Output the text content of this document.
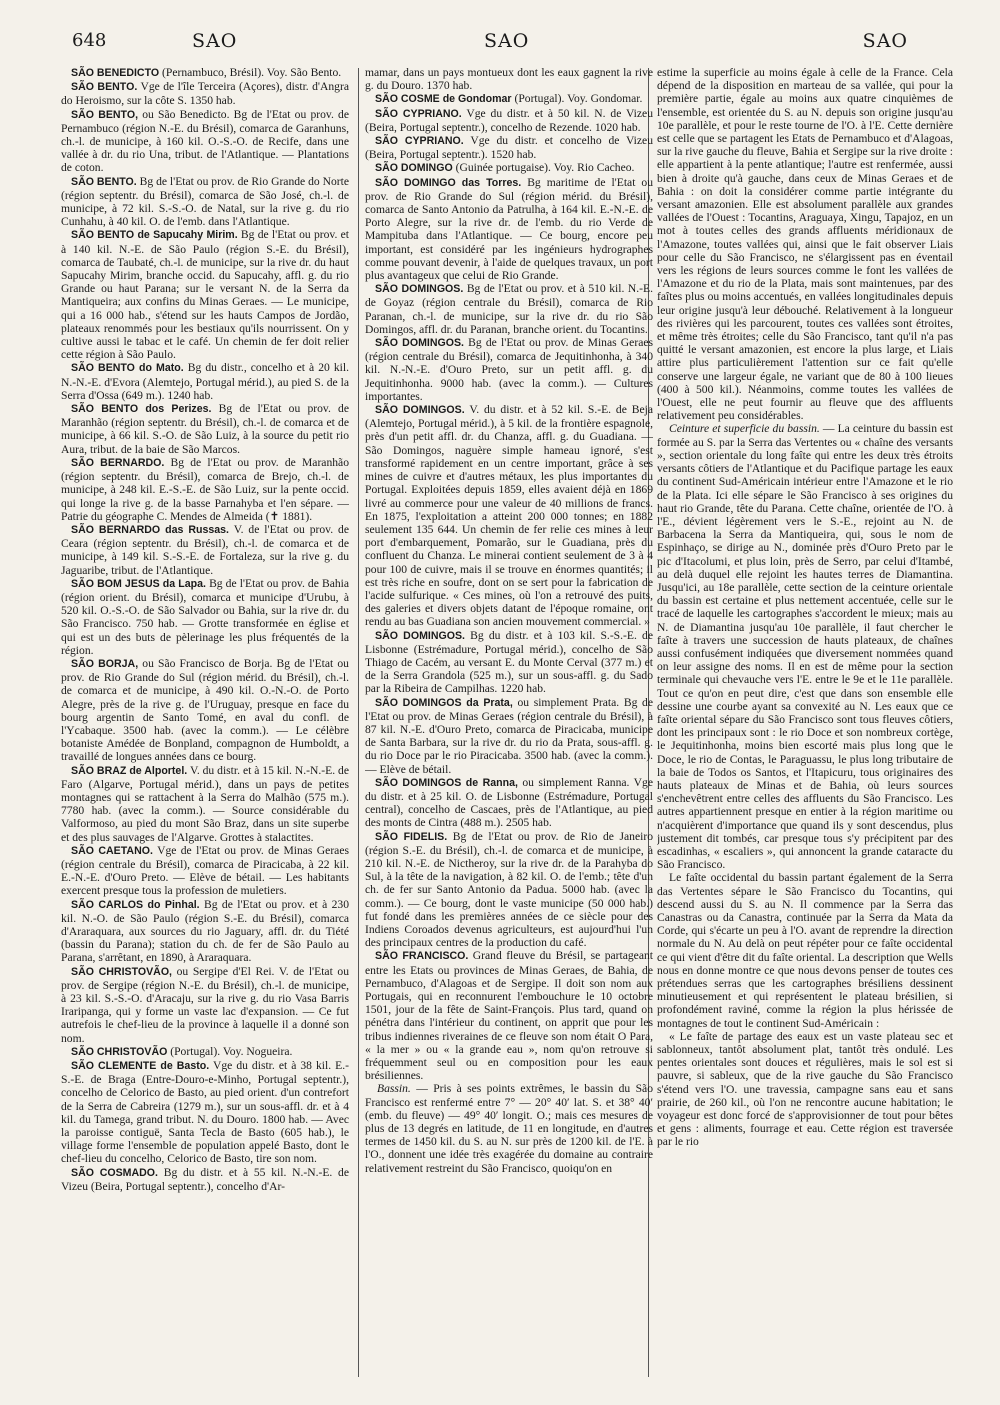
648	SAO	SAO	SAO

SÃO BENEDICTO (Pernambuco, Brésil). Voy. São Bento.

SÃO BENTO. Vge de l'île Terceira (Açores), distr. d'Angra do Heroismo, sur la côte S. 1350 hab.

SÃO BENTO, ou São Benedicto. Bg de l'Etat ou prov. de Pernambuco (région N.-E. du Brésil), comarca de Garanhuns, ch.-l. de municipe, à 160 kil. O.-S.-O. de Recife, dans une vallée à dr. du rio Una, tribut. de l'Atlantique. — Plantations de coton.

SÃO BENTO. Bg de l'Etat ou prov. de Rio Grande do Norte (région septentr. du Brésil), comarca de São José, ch.-l. de municipe, à 72 kil. S.-S.-O. de Natal, sur la rive g. du rio Cunhahu, à 40 kil. O. de l'emb. dans l'Atlantique.

SÃO BENTO de Sapucahy Mirim. Bg de l'Etat ou prov. et à 140 kil. N.-E. de São Paulo (région S.-E. du Brésil), comarca de Taubaté, ch.-l. de municipe, sur la rive dr. du haut Sapucahy Mirim, branche occid. du Sapucahy, affl. g. du rio Grande ou haut Parana; sur le versant N. de la Serra da Mantiqueira; aux confins du Minas Geraes. — Le municipe, qui a 16 000 hab., s'étend sur les hauts Campos de Jordão, plateaux renommés pour les bestiaux qu'ils nourrissent. On y cultive aussi le tabac et le café. Un chemin de fer doit relier cette région à São Paulo.

SÃO BENTO do Mato. Bg du distr., concelho et à 20 kil. N.-N.-E. d'Evora (Alemtejo, Portugal mérid.), au pied S. de la Serra d'Ossa (649 m.). 1240 hab.

SÃO BENTO dos Perizes. Bg de l'Etat ou prov. de Maranhão (région septentr. du Brésil), ch.-l. de comarca et de municipe, à 66 kil. S.-O. de São Luiz, à la source du petit rio Aura, tribut. de la baie de São Marcos.

SÃO BERNARDO. Bg de l'Etat ou prov. de Maranhão (région septentr. du Brésil), comarca de Brejo, ch.-l. de municipe, à 248 kil. E.-S.-E. de São Luiz, sur la pente occid. qui longe la rive g. de la basse Parnahyba et l'en sépare. — Patrie du géographe C. Mendes de Almeida (✝ 1881).

SÃO BERNARDO das Russas. V. de l'Etat ou prov. de Ceara (région septentr. du Brésil), ch.-l. de comarca et de municipe, à 149 kil. S.-S.-E. de Fortaleza, sur la rive g. du Jaguaribe, tribut. de l'Atlantique.

SÃO BOM JESUS da Lapa. Bg de l'Etat ou prov. de Bahia (région orient. du Brésil), comarca et municipe d'Urubu, à 520 kil. O.-S.-O. de São Salvador ou Bahia, sur la rive dr. du São Francisco. 750 hab. — Grotte transformée en église et qui est un des buts de pèlerinage les plus fréquentés de la région.

SÃO BORJA, ou São Francisco de Borja. Bg de l'Etat ou prov. de Rio Grande do Sul (région mérid. du Brésil), ch.-l. de comarca et de municipe, à 490 kil. O.-N.-O. de Porto Alegre, près de la rive g. de l'Uruguay, presque en face du bourg argentin de Santo Tomé, en aval du confl. de l'Ycabaque. 3500 hab. (avec la comm.). — Le célèbre botaniste Amédée de Bonpland, compagnon de Humboldt, a travaillé de longues années dans ce bourg.

SÃO BRAZ de Alportel. V. du distr. et à 15 kil. N.-N.-E. de Faro (Algarve, Portugal mérid.), dans un pays de petites montagnes qui se rattachent à la Serra do Malhão (575 m.). 7780 hab. (avec la comm.). — Source considérable du Valformoso, au pied du mont São Braz, dans un site superbe et des plus sauvages de l'Algarve. Grottes à stalactites.

SÃO CAETANO. Vge de l'Etat ou prov. de Minas Geraes (région centrale du Brésil), comarca de Piracicaba, à 22 kil. E.-N.-E. d'Ouro Preto. — Elève de bétail. — Les habitants exercent presque tous la profession de muletiers.

SÃO CARLOS do Pinhal. Bg de l'Etat ou prov. et à 230 kil. N.-O. de São Paulo (région S.-E. du Brésil), comarca d'Araraquara, aux sources du rio Jaguary, affl. dr. du Tiété (bassin du Parana); station du ch. de fer de São Paulo au Parana, s'arrêtant, en 1890, à Araraquara.

SÃO CHRISTOVÃO, ou Sergipe d'El Rei. V. de l'Etat ou prov. de Sergipe (région N.-E. du Brésil), ch.-l. de municipe, à 23 kil. S.-S.-O. d'Aracaju, sur la rive g. du rio Vasa Barris Iraripanga, qui y forme un vaste lac d'expansion. — Ce fut autrefois le chef-lieu de la province à laquelle il a donné son nom.

SÃO CHRISTOVÃO (Portugal). Voy. Nogueira.

SÃO CLEMENTE de Basto. Vge du distr. et à 38 kil. E.-S.-E. de Braga (Entre-Douro-e-Minho, Portugal septentr.), concelho de Celorico de Basto, au pied orient. d'un contrefort de la Serra de Cabreira (1279 m.), sur un sous-affl. dr. et à 4 kil. du Tamega, grand tribut. N. du Douro. 1800 hab. — Avec la paroisse contiguë, Santa Tecla de Basto (605 hab.), le village forme l'ensemble de population appelé Basto, dont le chef-lieu du concelho, Celorico de Basto, tire son nom.

SÃO COSMADO. Bg du distr. et à 55 kil. N.-N.-E. de Vizeu (Beira, Portugal septentr.), concelho d'Ar-

mamar, dans un pays montueux dont les eaux gagnent la rive g. du Douro. 1370 hab.

SÃO COSME de Gondomar (Portugal). Voy. Gondomar.

SÃO CYPRIANO. Vge du distr. et à 50 kil. N. de Vizeu (Beira, Portugal septentr.), concelho de Rezende. 1020 hab.

SÃO CYPRIANO. Vge du distr. et concelho de Vizeu (Beira, Portugal septentr.). 1520 hab.

SÃO DOMINGO (Guinée portugaise). Voy. Rio Cacheo.

SÃO DOMINGO das Torres. Bg maritime de l'Etat ou prov. de Rio Grande do Sul (région mérid. du Brésil), comarca de Santo Antonio da Patrulha, à 164 kil. E.-N.-E. de Porto Alegre, sur la rive dr. de l'emb. du rio Verde de Mampituba dans l'Atlantique. — Ce bourg, encore peu important, est considéré par les ingénieurs hydrographes comme pouvant devenir, à l'aide de quelques travaux, un port plus avantageux que celui de Rio Grande.

SÃO DOMINGOS. Bg de l'Etat ou prov. et à 510 kil. N.-E. de Goyaz (région centrale du Brésil), comarca de Rio Paranan, ch.-l. de municipe, sur la rive dr. du rio São Domingos, affl. dr. du Paranan, branche orient. du Tocantins.

SÃO DOMINGOS. Bg de l'Etat ou prov. de Minas Geraes (région centrale du Brésil), comarca de Jequitinhonha, à 340 kil. N.-N.-E. d'Ouro Preto, sur un petit affl. g. du Jequitinhonha. 9000 hab. (avec la comm.). — Cultures importantes.

SÃO DOMINGOS. V. du distr. et à 52 kil. S.-E. de Beja (Alemtejo, Portugal mérid.), à 5 kil. de la frontière espagnole, près d'un petit affl. dr. du Chanza, affl. g. du Guadiana. — São Domingos, naguère simple hameau ignoré, s'est transformé rapidement en un centre important, grâce à ses mines de cuivre et d'autres métaux, les plus importantes du Portugal. Exploitées depuis 1859, elles avaient déjà en 1869 livré au commerce pour une valeur de 40 millions de francs. En 1875, l'exploitation a atteint 200 000 tonnes; en 1882 seulement 135 644. Un chemin de fer relie ces mines à leur port d'embarquement, Pomarão, sur le Guadiana, près du confluent du Chanza. Le minerai contient seulement de 3 à 4 pour 100 de cuivre, mais il se trouve en énormes quantités; il est très riche en soufre, dont on se sert pour la fabrication de l'acide sulfurique. « Ces mines, où l'on a retrouvé des puits, des galeries et divers objets datant de l'époque romaine, ont rendu au bas Guadiana son ancien mouvement commercial. »

SÃO DOMINGOS. Bg du distr. et à 103 kil. S.-S.-E. de Lisbonne (Estrémadure, Portugal mérid.), concelho de São Thiago de Cacém, au versant E. du Monte Cerval (377 m.) et de la Serra Grandola (525 m.), sur un sous-affl. g. du Sado par la Ribeira de Campilhas. 1220 hab.

SÃO DOMINGOS da Prata, ou simplement Prata. Bg de l'Etat ou prov. de Minas Geraes (région centrale du Brésil), à 87 kil. N.-E. d'Ouro Preto, comarca de Piracicaba, municipe de Santa Barbara, sur la rive dr. du rio da Prata, sous-affl. g. du rio Doce par le rio Piracicaba. 3500 hab. (avec la comm.). — Elève de bétail.

SÃO DOMINGOS de Ranna, ou simplement Ranna. Vge du distr. et à 25 kil. O. de Lisbonne (Estrémadure, Portugal central), concelho de Cascaes, près de l'Atlantique, au pied des monts de Cintra (488 m.). 2505 hab.

SÃO FIDELIS. Bg de l'Etat ou prov. de Rio de Janeiro (région S.-E. du Brésil), ch.-l. de comarca et de municipe, à 210 kil. N.-E. de Nictheroy, sur la rive dr. de la Parahyba do Sul, à la tête de la navigation, à 82 kil. O. de l'emb.; tête d'un ch. de fer sur Santo Antonio da Padua. 5000 hab. (avec la comm.). — Ce bourg, dont le vaste municipe (50 000 hab.) fut fondé dans les premières années de ce siècle pour des Indiens Coroados devenus agriculteurs, est aujourd'hui l'un des principaux centres de la production du café.

SÃO FRANCISCO. Grand fleuve du Brésil, se partageant entre les Etats ou provinces de Minas Geraes, de Bahia, de Pernambuco, d'Alagoas et de Sergipe. Il doit son nom aux Portugais, qui en reconnurent l'embouchure le 10 octobre 1501, jour de la fête de Saint-François. Plus tard, quand on pénétra dans l'intérieur du continent, on apprit que pour les tribus indiennes riveraines de ce fleuve son nom était O Para, « la mer » ou « la grande eau », nom qu'on retrouve si fréquemment seul ou en composition pour les eaux brésiliennes.

Bassin. — Pris à ses points extrêmes, le bassin du São Francisco est renfermé entre 7° — 20° 40′ lat. S. et 38° 40′ (emb. du fleuve) — 49° 40′ longit. O.; mais ces mesures de plus de 13 degrés en latitude, de 11 en longitude, en d'autres termes de 1450 kil. du S. au N. sur près de 1200 kil. de l'E. à l'O., donnent une idée très exagérée du domaine au contraire relativement restreint du São Francisco, quoiqu'on en

estime la superficie au moins égale à celle de la France. Cela dépend de la disposition en marteau de sa vallée, qui pour la première partie, égale au moins aux quatre cinquièmes de l'ensemble, est orientée du S. au N. depuis son origine jusqu'au 10e parallèle, et pour le reste tourne de l'O. à l'E. Cette dernière est celle que se partagent les Etats de Pernambuco et d'Alagoas, sur la rive gauche du fleuve, Bahia et Sergipe sur la rive droite : elle appartient à la pente atlantique; l'autre est renfermée, aussi bien à droite qu'à gauche, dans ceux de Minas Geraes et de Bahia : on doit la considérer comme partie intégrante du versant amazonien. Elle est absolument parallèle aux grandes vallées de l'Ouest : Tocantins, Araguaya, Xingu, Tapajoz, en un mot à toutes celles des grands affluents méridionaux de l'Amazone, toutes vallées qui, ainsi que le fait observer Liais pour celle du São Francisco, ne s'élargissent pas en éventail vers les régions de leurs sources comme le font les vallées de l'Amazone et du rio de la Plata, mais sont maintenues, par des faîtes plus ou moins accentués, en vallées longitudinales depuis leur origine jusqu'à leur débouché. Relativement à la longueur des rivières qui les parcourent, toutes ces vallées sont étroites, et même très étroites; celle du São Francisco, tant qu'il n'a pas quitté le versant amazonien, est encore la plus large, et Liais attire plus particulièrement l'attention sur ce fait qu'elle conserve une largeur égale, ne variant que de 80 à 100 lieues (400 à 500 kil.). Néanmoins, comme toutes les vallées de l'Ouest, elle ne peut fournir au fleuve que des affluents relativement peu considérables.

Ceinture et superficie du bassin. — La ceinture du bassin est formée au S. par la Serra das Vertentes ou « chaîne des versants », section orientale du long faîte qui entre les deux très étroits versants côtiers de l'Atlantique et du Pacifique partage les eaux du continent Sud-Américain intérieur entre l'Amazone et le rio de la Plata. Ici elle sépare le São Francisco à ses origines du haut rio Grande, tête du Parana. Cette chaîne, orientée de l'O. à l'E., dévient légèrement vers le S.-E., rejoint au N. de Barbacena la Serra da Mantiqueira, qui, sous le nom de Espinhaço, se dirige au N., dominée près d'Ouro Preto par le pic d'Itacolumi, et plus loin, près de Serro, par celui d'Itambé, au delà duquel elle rejoint les hautes terres de Diamantina. Jusqu'ici, au 18e parallèle, cette section de la ceinture orientale du bassin est certaine et plus nettement accentuée, celle sur le tracé de laquelle les cartographes s'accordent le mieux; mais au N. de Diamantina jusqu'au 10e parallèle, il faut chercher le faîte à travers une succession de hauts plateaux, de chaînes aussi confusément indiquées que diversement nommées quand on leur assigne des noms. Il en est de même pour la section terminale qui chevauche vers l'E. entre le 9e et le 11e parallèle. Tout ce qu'on en peut dire, c'est que dans son ensemble elle dessine une courbe ayant sa convexité au N. Les eaux que ce faîte oriental sépare du São Francisco sont tous fleuves côtiers, dont les principaux sont : le rio Doce et son nombreux cortège, le Jequitinhonha, moins bien escorté mais plus long que le Doce, le rio de Contas, le Paraguassu, le plus long tributaire de la baie de Todos os Santos, et l'Itapicuru, tous originaires des hauts plateaux de Minas et de Bahia, où leurs sources s'enchevêtrent entre celles des affluents du São Francisco. Les autres appartiennent presque en entier à la région maritime ou n'acquièrent d'importance que quand ils y sont descendus, plus justement dit tombés, car presque tous s'y précipitent par des escadinhas, « escaliers », qui annoncent la grande cataracte du São Francisco.

Le faîte occidental du bassin partant également de la Serra das Vertentes sépare le São Francisco du Tocantins, qui descend aussi du S. au N. Il commence par la Serra das Canastras ou da Canastra, continuée par la Serra da Mata da Corde, qui s'écarte un peu à l'O. avant de reprendre la direction normale du N. Au delà on peut répéter pour ce faîte occidental ce qui vient d'être dit du faîte oriental. La description que Wells nous en donne montre ce que nous devons penser de toutes ces prétendues serras que les cartographes brésiliens dessinent minutieusement et qui représentent le plateau brésilien, si profondément raviné, comme la région la plus hérissée de montagnes de tout le continent Sud-Américain :

« Le faîte de partage des eaux est un vaste plateau sec et sablonneux, tantôt absolument plat, tantôt très ondulé. Les pentes orientales sont douces et régulières, mais le sol est si pauvre, si sableux, que de la rive gauche du São Francisco s'étend vers l'O. une travessia, campagne sans eau et sans prairie, de 260 kil., où l'on ne rencontre aucune habitation; le voyageur est donc forcé de s'approvisionner de tout pour bêtes et gens : aliments, fourrage et eau. Cette région est traversée par le rio
